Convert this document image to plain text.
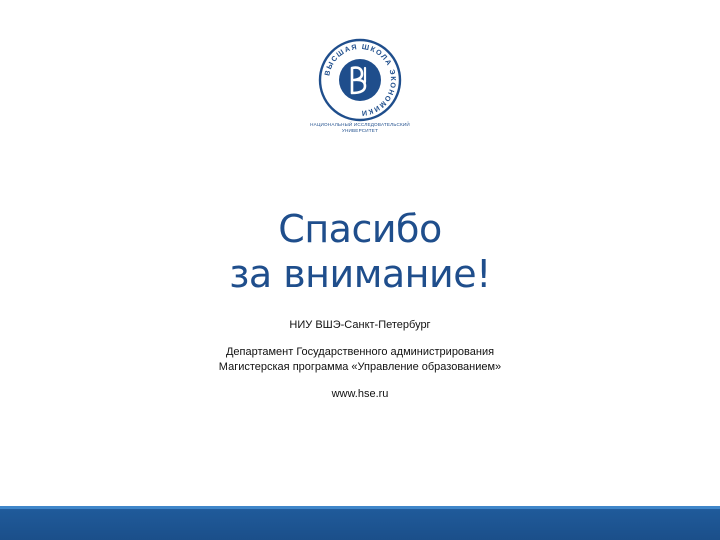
ВЫСШАЯ ШКОЛА ЭКОНОМИКИ
НАЦИОНАЛЬНЫЙ ИССЛЕДОВАТЕЛЬСКИЙ
УНИВЕРСИТЕТ
Спасибо
за внимание!
НИУ ВШЭ-Санкт-Петербург
Департамент Государственного администрирования
Магистерская программа «Управление образованием»
www.hse.ru
